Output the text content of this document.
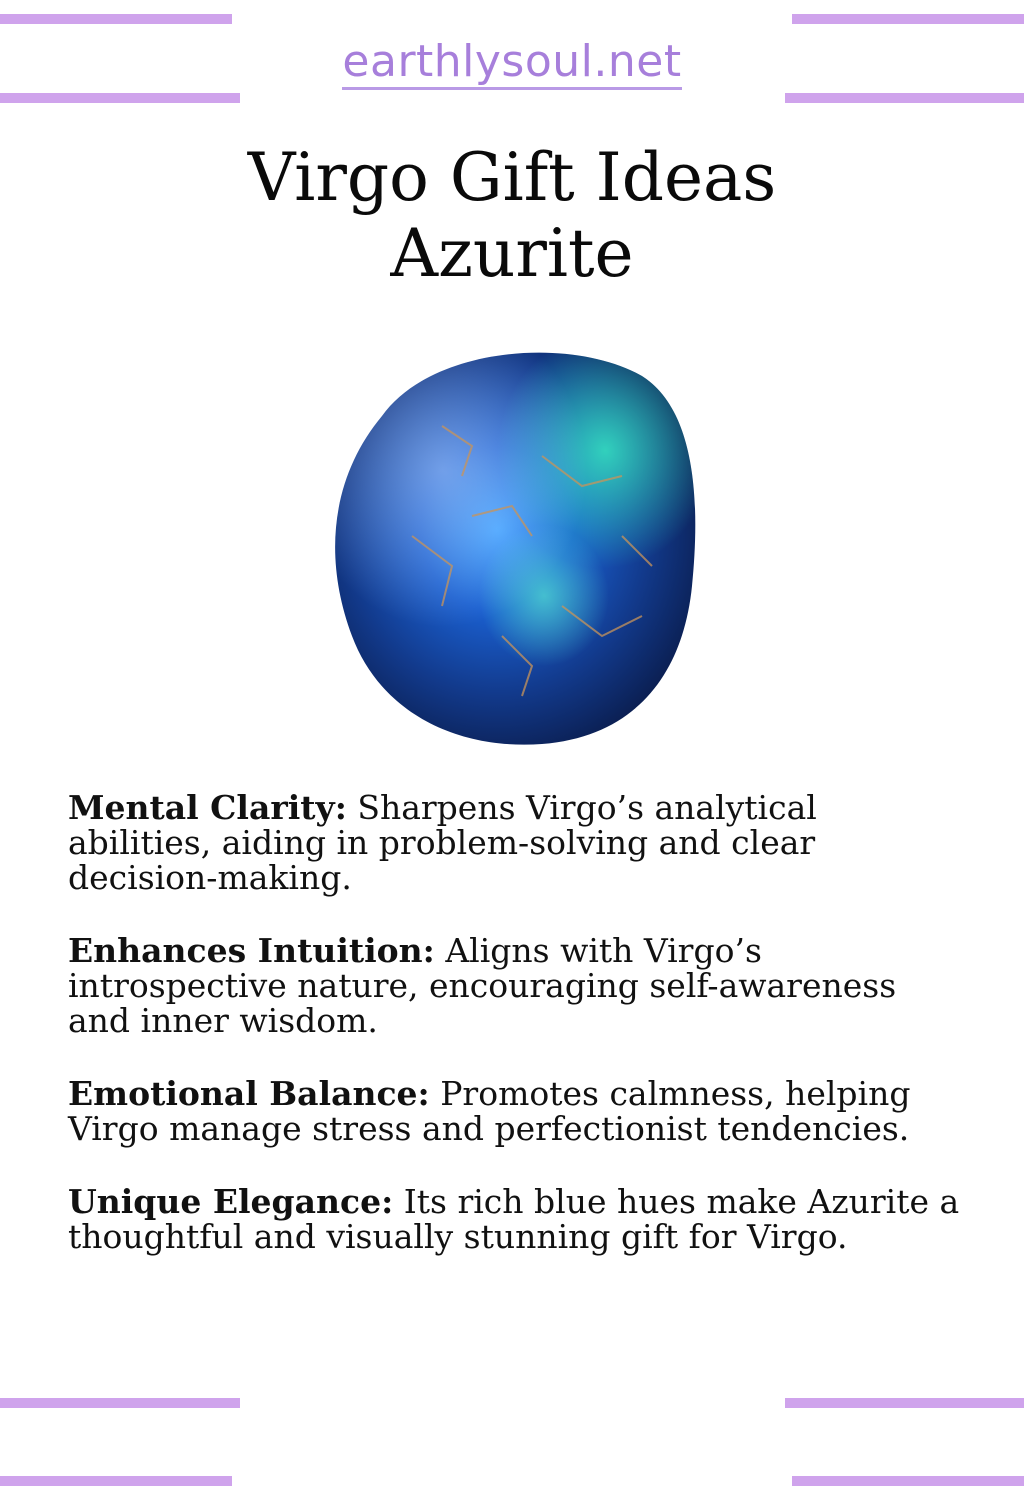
earthlysoul.net
Virgo Gift Ideas
Azurite

Mental Clarity: Sharpens Virgo’s analytical abilities, aiding in problem-solving and clear decision-making.

Enhances Intuition: Aligns with Virgo’s introspective nature, encouraging self-awareness and inner wisdom.

Emotional Balance: Promotes calmness, helping Virgo manage stress and perfectionist tendencies.

Unique Elegance: Its rich blue hues make Azurite a thoughtful and visually stunning gift for Virgo.
